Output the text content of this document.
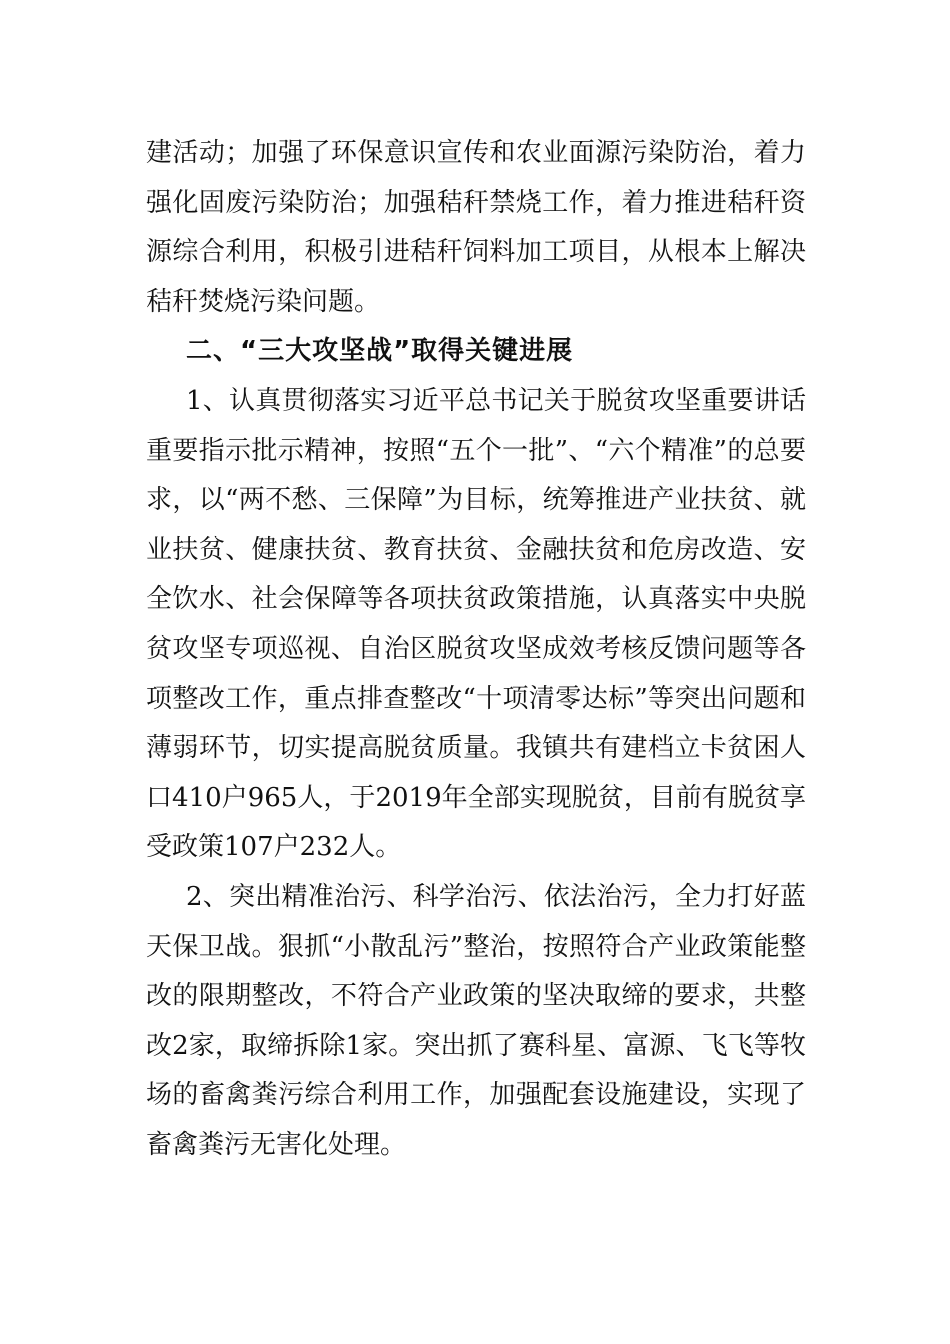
建活动；加强了环保意识宣传和农业面源污染防治，着力强化固废污染防治；加强秸秆禁烧工作，着力推进秸秆资源综合利用，积极引进秸秆饲料加工项目，从根本上解决秸秆焚烧污染问题。

二、“三大攻坚战”取得关键进展

1、认真贯彻落实习近平总书记关于脱贫攻坚重要讲话重要指示批示精神，按照“五个一批”、“六个精准”的总要求，以“两不愁、三保障”为目标，统筹推进产业扶贫、就业扶贫、健康扶贫、教育扶贫、金融扶贫和危房改造、安全饮水、社会保障等各项扶贫政策措施，认真落实中央脱贫攻坚专项巡视、自治区脱贫攻坚成效考核反馈问题等各项整改工作，重点排查整改“十项清零达标”等突出问题和薄弱环节，切实提高脱贫质量。我镇共有建档立卡贫困人口410户965人，于2019年全部实现脱贫，目前有脱贫享受政策107户232人。

2、突出精准治污、科学治污、依法治污，全力打好蓝天保卫战。狠抓“小散乱污”整治，按照符合产业政策能整改的限期整改，不符合产业政策的坚决取缔的要求，共整改2家，取缔拆除1家。突出抓了赛科星、富源、飞飞等牧场的畜禽粪污综合利用工作，加强配套设施建设，实现了畜禽粪污无害化处理。
